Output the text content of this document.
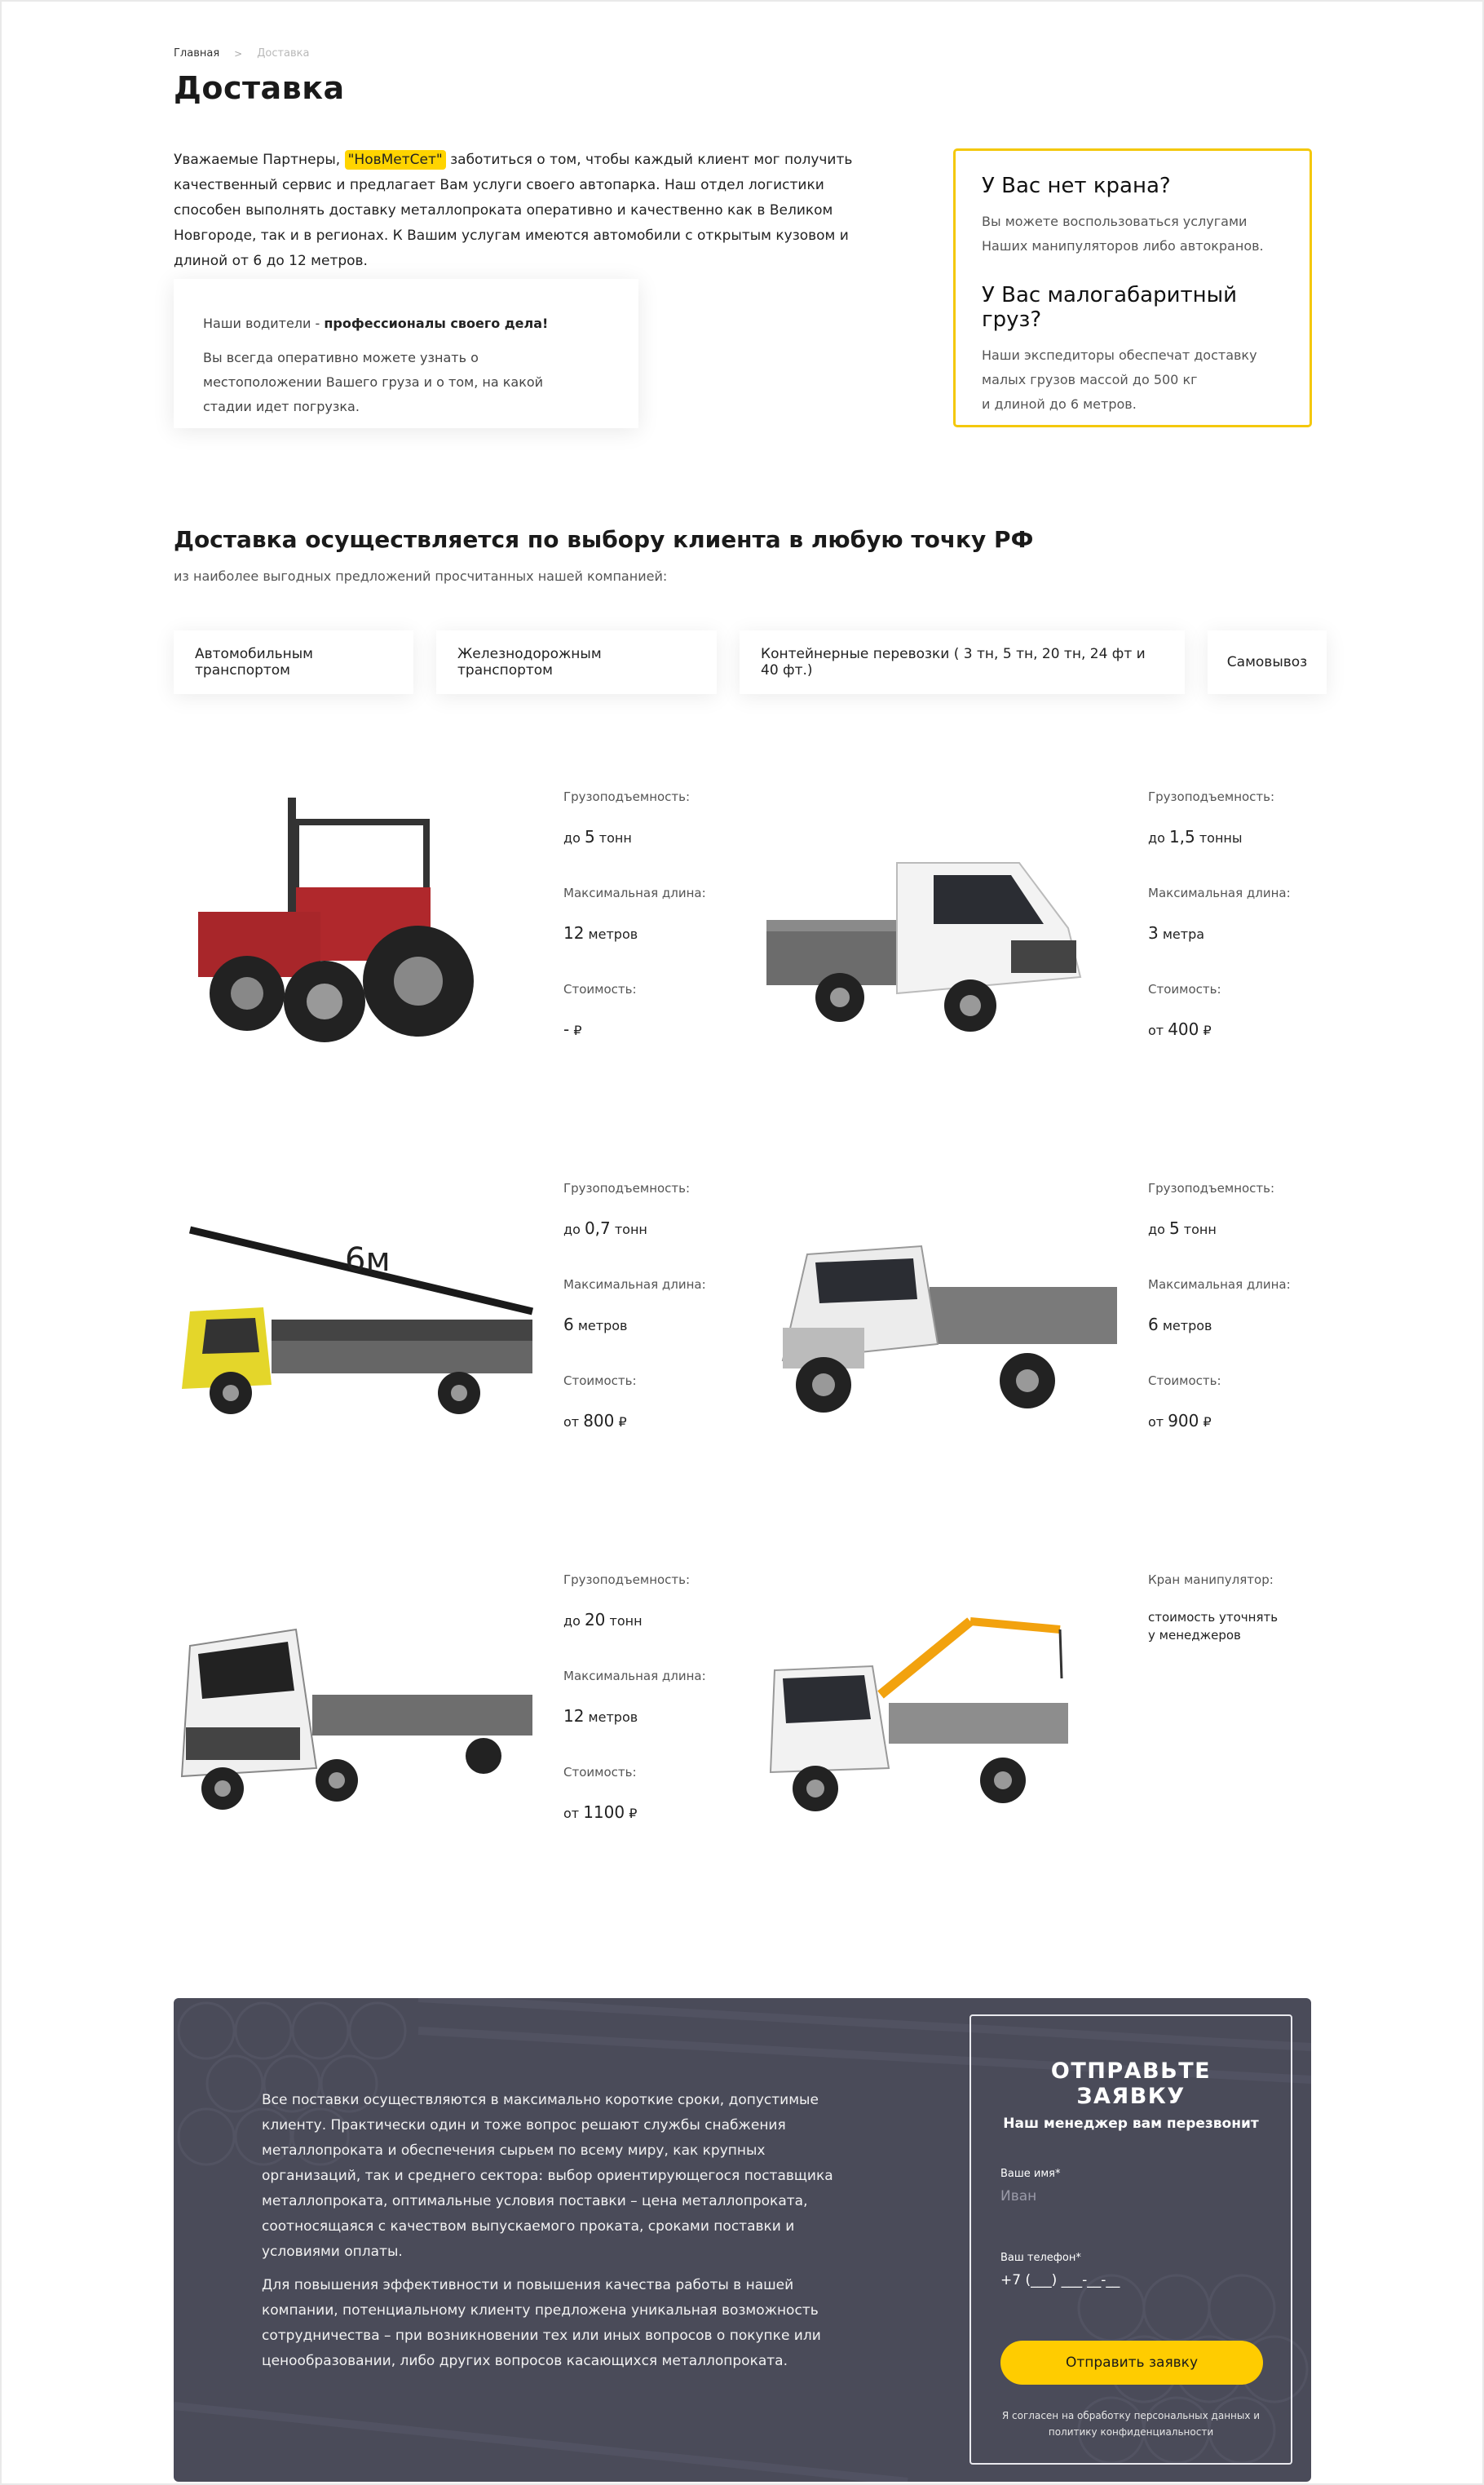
Главная > Доставка
Доставка
Уважаемые Партнеры, "НовМетСет" заботиться о том, чтобы каждый клиент мог получить качественный сервис и предлагает Вам услуги своего автопарка. Наш отдел логистики способен выполнять доставку металлопроката оперативно и качественно как в Великом Новгороде, так и в регионах. К Вашим услугам имеются автомобили с открытым кузовом и длиной от 6 до 12 метров.

Наши водители - профессионалы своего дела!

Вы всегда оперативно можете узнать о местоположении Вашего груза и о том, на какой стадии идет погрузка.

У Вас нет крана?

Вы можете воспользоваться услугами Наших манипуляторов либо автокранов.

У Вас малогабаритный груз?

Наши экспедиторы обеспечат доставку
малых грузов массой до 500 кг
и длиной до 6 метров.

Доставка осуществляется по выбору клиента в любую точку РФ

из наиболее выгодных предложений просчитанных нашей компанией:

Автомобильным транспортом
Железнодорожным транспортом
Контейнерные перевозки ( 3 тн, 5 тн, 20 тн, 24 фт и 40 фт.)	Самовывоз
Грузоподъемность:
до 5 тонн
Максимальная длина:
12 метров
Стоимость:
- ₽
Грузоподъемность:
до 1,5 тонны
Максимальная длина:
3 метра
Стоимость:
от 400 ₽
6м
Грузоподъемность:
до 0,7 тонн
Максимальная длина:
6 метров
Стоимость:
от 800 ₽
Грузоподъемность:
до 5 тонн
Максимальная длина:
6 метров
Стоимость:
от 900 ₽
Грузоподъемность:
до 20 тонн
Максимальная длина:
12 метров
Стоимость:
от 1100 ₽
Кран манипулятор:
стоимость уточнять
у менеджеров

Все поставки осуществляются в максимально короткие сроки, допустимые клиенту. Практически один и тоже вопрос решают службы снабжения металлопроката и обеспечения сырьем по всему миру, как крупных организаций, так и среднего сектора: выбор ориентирующегося поставщика металлопроката, оптимальные условия поставки – цена металлопроката, соотносящаяся с качеством выпускаемого проката, сроками поставки и условиями оплаты.

Для повышения эффективности и повышения качества работы в нашей компании, потенциальному клиенту предложена уникальная возможность сотрудничества – при возникновении тех или иных вопросов о покупке или ценообразовании, либо других вопросов касающихся металлопроката.

ОТПРАВЬТЕ ЗАЯВКУ
Наш менеджер вам перезвонит
Ваше имя*
Иван
Ваш телефон*
+7 (___) ___-__-__
Отправить заявку
Я согласен на обработку персональных данных и
политику конфиденциальности
